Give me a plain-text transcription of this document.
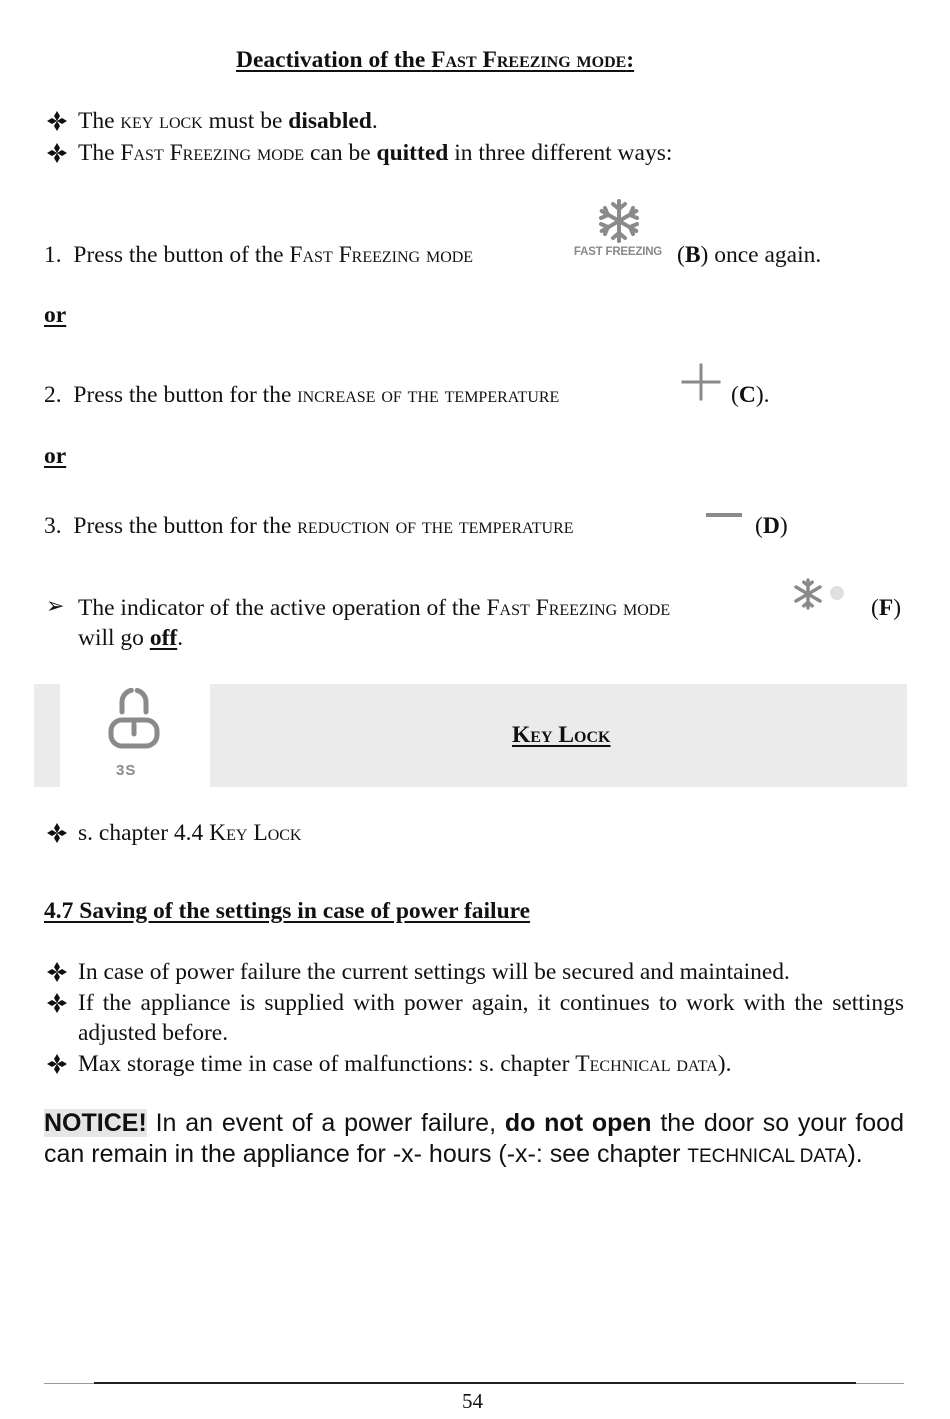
Deactivation of the Fast Freezing mode:
The key lock must be disabled.
The Fast Freezing mode can be quitted in three different ways:
1. Press the button of the Fast Freezing mode	FAST FREEZING (B) once again.
or
2. Press the button for the increase of the temperature	(C).
or
3. Press the button for the reduction of the temperature	(D)
➢ The indicator of the active operation of the Fast Freezing mode	(F)
will go off.
3S
Key Lock
s. chapter 4.4 Key Lock
4.7 Saving of the settings in case of power failure
In case of power failure the current settings will be secured and maintained.
If the appliance is supplied with power again, it continues to work with the settings adjusted before.
Max storage time in case of malfunctions: s. chapter Technical data).
NOTICE! In an event of a power failure, do not open the door so your food can remain in the appliance for -x- hours (-x-: see chapter TECHNICAL DATA).
54
